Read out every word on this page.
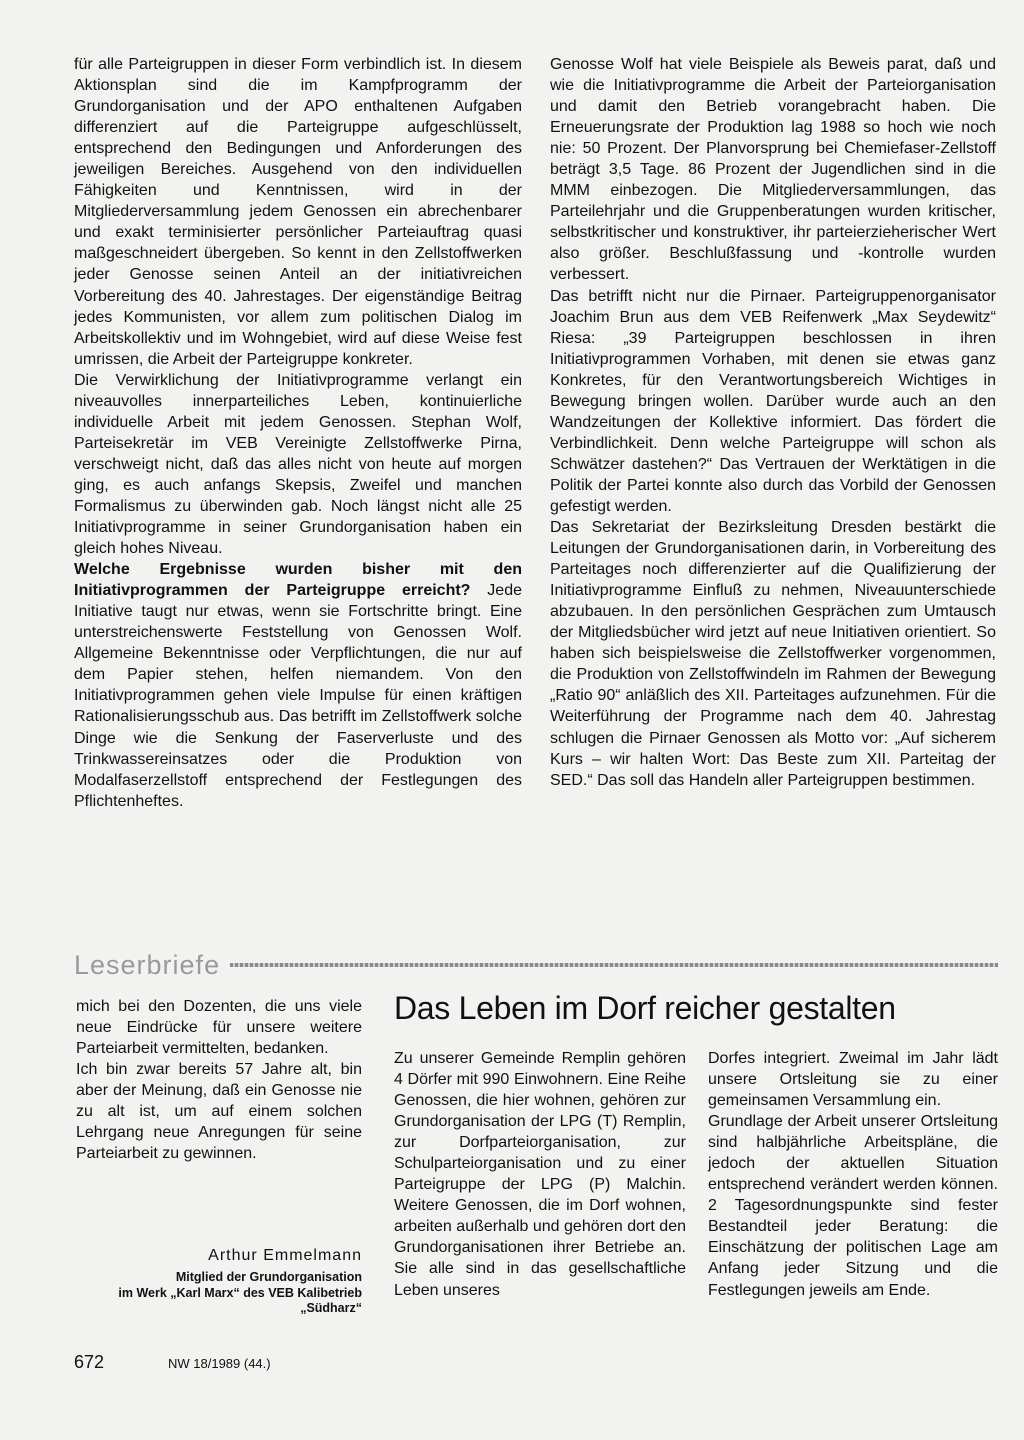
für alle Parteigruppen in dieser Form verbindlich ist. In diesem Aktionsplan sind die im Kampfprogramm der Grundorganisation und der APO enthaltenen Aufgaben differenziert auf die Parteigruppe aufgeschlüsselt, entsprechend den Bedingungen und Anforderungen des jeweiligen Bereiches. Ausgehend von den individuellen Fähigkeiten und Kenntnissen, wird in der Mitgliederversammlung jedem Genossen ein abrechenbarer und exakt terminisierter persönlicher Parteiauftrag quasi maßgeschneidert übergeben. So kennt in den Zellstoffwerken jeder Genosse seinen Anteil an der initiativreichen Vorbereitung des 40. Jahrestages. Der eigenständige Beitrag jedes Kommunisten, vor allem zum politischen Dialog im Arbeitskollektiv und im Wohngebiet, wird auf diese Weise fest umrissen, die Arbeit der Parteigruppe konkreter.

Die Verwirklichung der Initiativprogramme verlangt ein niveauvolles innerparteiliches Leben, kontinuierliche individuelle Arbeit mit jedem Genossen. Stephan Wolf, Parteisekretär im VEB Vereinigte Zellstoffwerke Pirna, verschweigt nicht, daß das alles nicht von heute auf morgen ging, es auch anfangs Skepsis, Zweifel und manchen Formalismus zu überwinden gab. Noch längst nicht alle 25 Initiativprogramme in seiner Grundorganisation haben ein gleich hohes Niveau.

Welche Ergebnisse wurden bisher mit den Initiativprogrammen der Parteigruppe erreicht? Jede Initiative taugt nur etwas, wenn sie Fortschritte bringt. Eine unterstreichenswerte Feststellung von Genossen Wolf. Allgemeine Bekenntnisse oder Verpflichtungen, die nur auf dem Papier stehen, helfen niemandem. Von den Initiativprogrammen gehen viele Impulse für einen kräftigen Rationalisierungsschub aus. Das betrifft im Zellstoffwerk solche Dinge wie die Senkung der Faserverluste und des Trinkwassereinsatzes oder die Produktion von Modalfaserzellstoff entsprechend der Festlegungen des Pflichtenheftes.

Genosse Wolf hat viele Beispiele als Beweis parat, daß und wie die Initiativprogramme die Arbeit der Parteiorganisation und damit den Betrieb vorangebracht haben. Die Erneuerungsrate der Produktion lag 1988 so hoch wie noch nie: 50 Prozent. Der Planvorsprung bei Chemiefaser-Zellstoff beträgt 3,5 Tage. 86 Prozent der Jugendlichen sind in die MMM einbezogen. Die Mitgliederversammlungen, das Parteilehrjahr und die Gruppenberatungen wurden kritischer, selbstkritischer und konstruktiver, ihr parteierzieherischer Wert also größer. Beschlußfassung und -kontrolle wurden verbessert.

Das betrifft nicht nur die Pirnaer. Parteigruppenorganisator Joachim Brun aus dem VEB Reifenwerk „Max Seydewitz“ Riesa: „39 Parteigruppen beschlossen in ihren Initiativprogrammen Vorhaben, mit denen sie etwas ganz Konkretes, für den Verantwortungsbereich Wichtiges in Bewegung bringen wollen. Darüber wurde auch an den Wandzeitungen der Kollektive informiert. Das fördert die Verbindlichkeit. Denn welche Parteigruppe will schon als Schwätzer dastehen?“ Das Vertrauen der Werktätigen in die Politik der Partei konnte also durch das Vorbild der Genossen gefestigt werden.

Das Sekretariat der Bezirksleitung Dresden bestärkt die Leitungen der Grundorganisationen darin, in Vorbereitung des Parteitages noch differenzierter auf die Qualifizierung der Initiativprogramme Einfluß zu nehmen, Niveauunterschiede abzubauen. In den persönlichen Gesprächen zum Umtausch der Mitgliedsbücher wird jetzt auf neue Initiativen orientiert. So haben sich beispielsweise die Zellstoffwerker vorgenommen, die Produktion von Zellstoffwindeln im Rahmen der Bewegung „Ratio 90“ anläßlich des XII. Parteitages aufzunehmen. Für die Weiterführung der Programme nach dem 40. Jahrestag schlugen die Pirnaer Genossen als Motto vor: „Auf sicherem Kurs – wir halten Wort: Das Beste zum XII. Parteitag der SED.“ Das soll das Handeln aller Parteigruppen bestimmen.

Leserbriefe

mich bei den Dozenten, die uns viele neue Eindrücke für unsere weitere Parteiarbeit vermittelten, bedanken.

Ich bin zwar bereits 57 Jahre alt, bin aber der Meinung, daß ein Genosse nie zu alt ist, um auf einem solchen Lehrgang neue Anregungen für seine Parteiarbeit zu gewinnen.

Arthur Emmelmann
Mitglied der Grundorganisation
im Werk „Karl Marx“ des VEB Kalibetrieb
„Südharz“
Das Leben im Dorf reicher gestalten

Zu unserer Gemeinde Remplin gehören 4 Dörfer mit 990 Einwohnern. Eine Reihe Genossen, die hier wohnen, gehören zur Grundorganisation der LPG (T) Remplin, zur Dorfparteiorganisation, zur Schulparteiorganisation und zu einer Parteigruppe der LPG (P) Malchin. Weitere Genossen, die im Dorf wohnen, arbeiten außerhalb und gehören dort den Grundorganisationen ihrer Betriebe an. Sie alle sind in das gesellschaftliche Leben unseres

Dorfes integriert. Zweimal im Jahr lädt unsere Ortsleitung sie zu einer gemeinsamen Versammlung ein.

Grundlage der Arbeit unserer Ortsleitung sind halbjährliche Arbeitspläne, die jedoch der aktuellen Situation entsprechend verändert werden können. 2 Tagesordnungspunkte sind fester Bestandteil jeder Beratung: die Einschätzung der politischen Lage am Anfang jeder Sitzung und die Festlegungen jeweils am Ende.

672	NW 18/1989 (44.)
